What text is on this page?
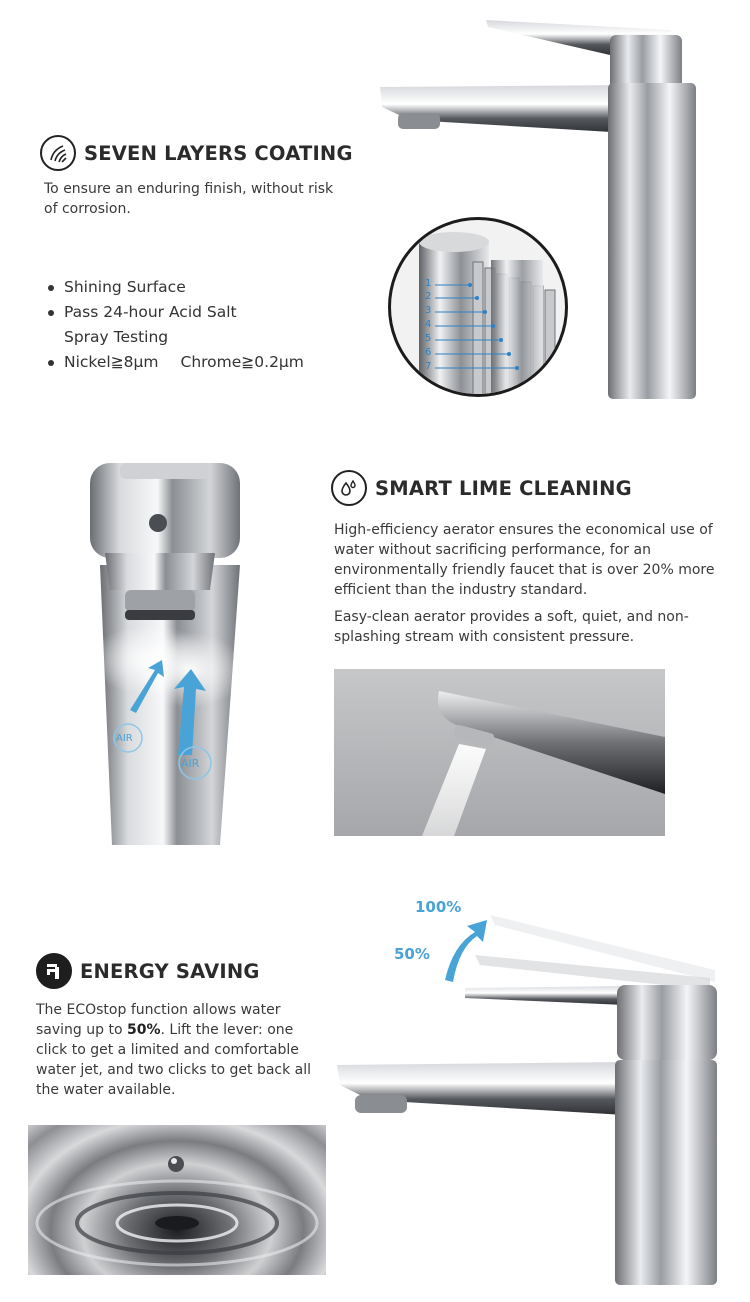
SEVEN LAYERS COATING

To ensure an enduring finish, without risk of corrosion.

Shining Surface
Pass 24-hour Acid Salt
Spray Testing
Nickel≧8μm Chrome≧0.2μm
1
2
3
4
5
6
7
AIR
AIR
SMART LIME CLEANING

High-efficiency aerator ensures the economical use of water without sacrificing performance, for an environmentally friendly faucet that is over 20% more efficient than the industry standard.

Easy-clean aerator provides a soft, quiet, and non-splashing stream with consistent pressure.

ENERGY SAVING

The ECOstop function allows water saving up to 50%. Lift the lever: one click to get a limited and comfortable water jet, and two clicks to get back all the water available.

100%
50%
